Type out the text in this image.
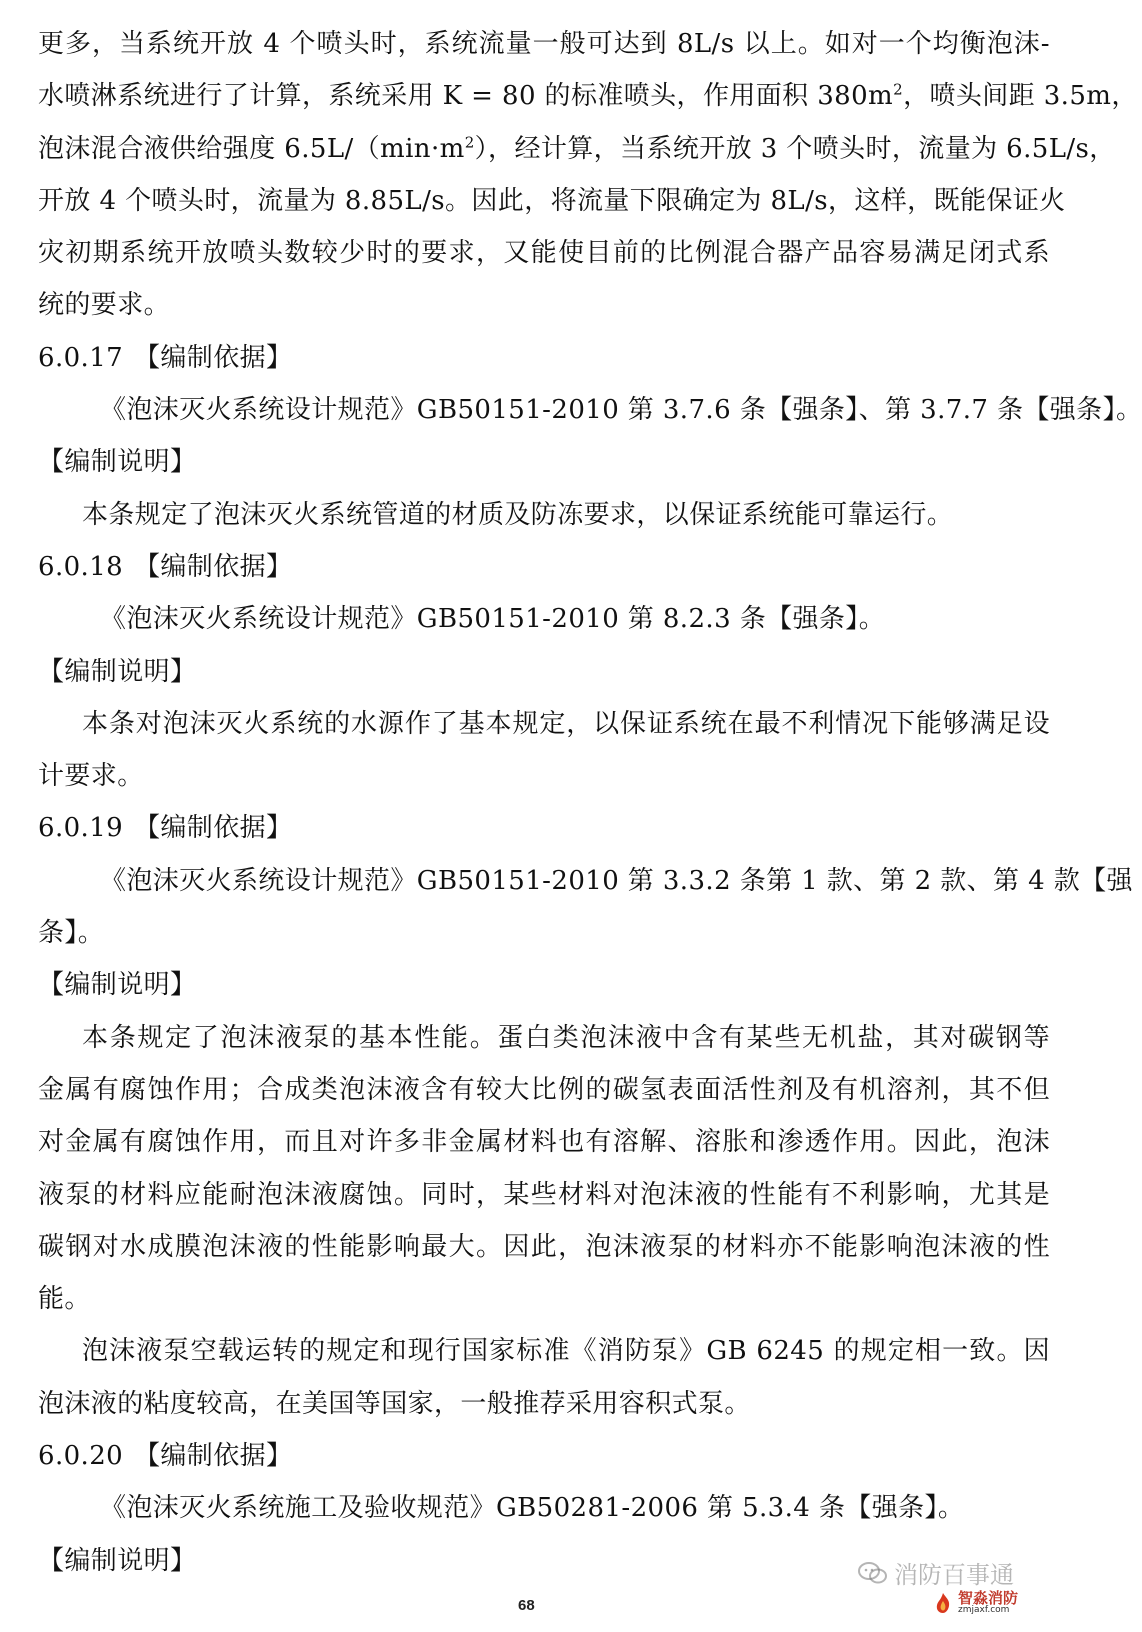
更多，当系统开放 4 个喷头时，系统流量一般可达到 8L/s 以上。如对一个均衡泡沫-
水喷淋系统进行了计算，系统采用 K = 80 的标准喷头，作用面积 $380m^2$，喷头间距 3.5m，
泡沫混合液供给强度 $6.5L/(\min\cdot m^2)$，经计算，当系统开放 3 个喷头时，流量为 6.5L/s，
开放 4 个喷头时，流量为 8.85L/s。因此，将流量下限确定为 8L/s，这样，既能保证火
灾初期系统开放喷头数较少时的要求，又能使目前的比例混合器产品容易满足闭式系
统的要求。
6.0.17 【编制依据】
《泡沫灭火系统设计规范》GB50151-2010 第 3.7.6 条【强条】、第 3.7.7 条【强条】。
【编制说明】
本条规定了泡沫灭火系统管道的材质及防冻要求，以保证系统能可靠运行。
6.0.18 【编制依据】
《泡沫灭火系统设计规范》GB50151-2010 第 8.2.3 条【强条】。
【编制说明】
本条对泡沫灭火系统的水源作了基本规定，以保证系统在最不利情况下能够满足设
计要求。
6.0.19 【编制依据】
《泡沫灭火系统设计规范》GB50151-2010 第 3.3.2 条第 1 款、第 2 款、第 4 款【强
条】。
【编制说明】
本条规定了泡沫液泵的基本性能。蛋白类泡沫液中含有某些无机盐，其对碳钢等
金属有腐蚀作用；合成类泡沫液含有较大比例的碳氢表面活性剂及有机溶剂，其不但
对金属有腐蚀作用，而且对许多非金属材料也有溶解、溶胀和渗透作用。因此，泡沫
液泵的材料应能耐泡沫液腐蚀。同时，某些材料对泡沫液的性能有不利影响，尤其是
碳钢对水成膜泡沫液的性能影响最大。因此，泡沫液泵的材料亦不能影响泡沫液的性
能。
泡沫液泵空载运转的规定和现行国家标准《消防泵》GB 6245 的规定相一致。因
泡沫液的粘度较高，在美国等国家，一般推荐采用容积式泵。
6.0.20 【编制依据】
《泡沫灭火系统施工及验收规范》GB50281-2006 第 5.3.4 条【强条】。
【编制说明】	消防百事通
68	智淼消防
zmjaxf.com
